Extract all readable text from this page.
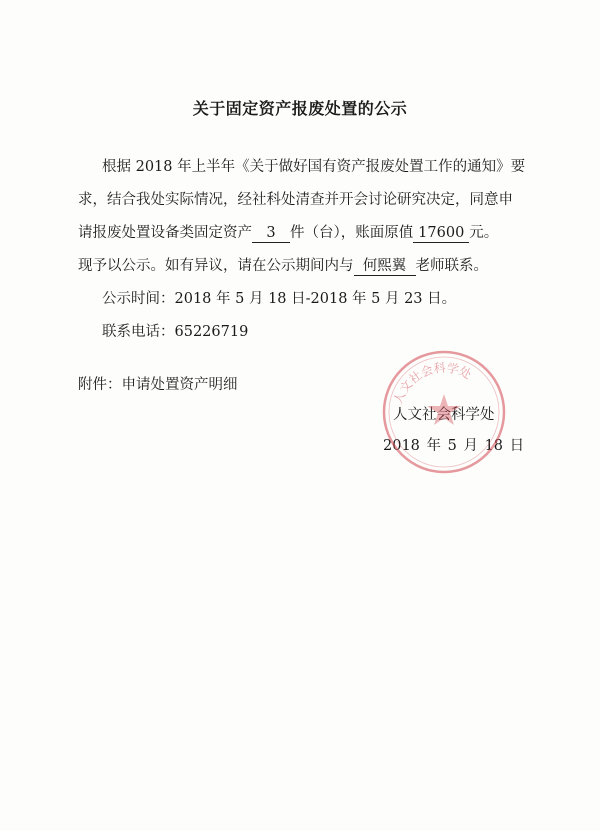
关于固定资产报废处置的公示
根据 2018 年上半年《关于做好国有资产报废处置工作的通知》要
求，结合我处实际情况，经社科处清查并开会讨论研究决定，同意申
请报废处置设备类固定资产 3 件（台），账面原值 17600 元。
现予以公示。如有异议，请在公示期间内与 何熙翼 老师联系。
公示时间：2018 年 5 月 18 日-2018 年 5 月 23 日。
联系电话：65226719
附件：申请处置资产明细
人文社会科学处
2018 年 5 月 18 日
人文社会科学处
